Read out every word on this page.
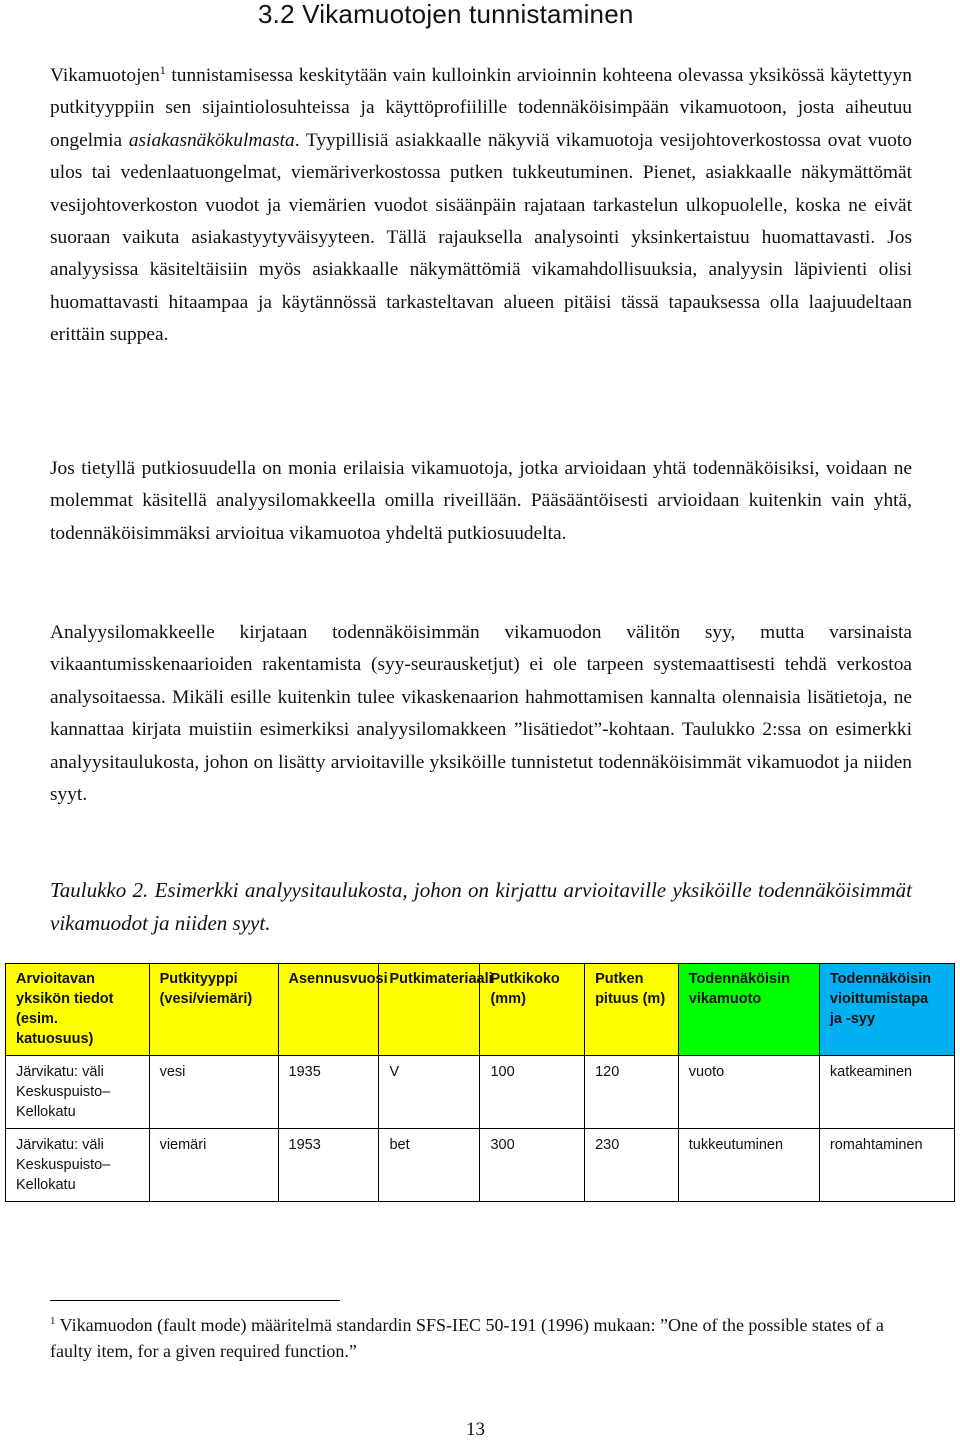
3.2 Vikamuotojen tunnistaminen

Vikamuotojen$^1$ tunnistamisessa keskitytään vain kulloinkin arvioinnin kohteena olevassa yksikössä käytettyyn putkityyppiin sen sijaintiolosuhteissa ja käyttöprofiilille todennäköisimpään vikamuotoon, josta aiheutuu ongelmia asiakasnäkökulmasta. Tyypillisiä asiakkaalle näkyviä vikamuotoja vesijohtoverkostossa ovat vuoto ulos tai vedenlaatuongelmat, viemäriverkostossa putken tukkeutuminen. Pienet, asiakkaalle näkymättömät vesijohtoverkoston vuodot ja viemärien vuodot sisäänpäin rajataan tarkastelun ulkopuolelle, koska ne eivät suoraan vaikuta asiakastyytyväisyyteen. Tällä rajauksella analysointi yksinkertaistuu huomattavasti. Jos analyysissa käsiteltäisiin myös asiakkaalle näkymättömiä vikamahdollisuuksia, analyysin läpivienti olisi huomattavasti hitaampaa ja käytännössä tarkasteltavan alueen pitäisi tässä tapauksessa olla laajuudeltaan erittäin suppea.

Jos tietyllä putkiosuudella on monia erilaisia vikamuotoja, jotka arvioidaan yhtä todennäköisiksi, voidaan ne molemmat käsitellä analyysilomakkeella omilla riveillään. Pääsääntöisesti arvioidaan kuitenkin vain yhtä, todennäköisimmäksi arvioitua vikamuotoa yhdeltä putkiosuudelta.

Analyysilomakkeelle kirjataan todennäköisimmän vikamuodon välitön syy, mutta varsinaista vikaantumisskenaarioiden rakentamista (syy-seurausketjut) ei ole tarpeen systemaattisesti tehdä verkostoa analysoitaessa. Mikäli esille kuitenkin tulee vikaskenaarion hahmottamisen kannalta olennaisia lisätietoja, ne kannattaa kirjata muistiin esimerkiksi analyysilomakkeen ”lisätiedot”-kohtaan. Taulukko 2:ssa on esimerkki analyysitaulukosta, johon on lisätty arvioitaville yksiköille tunnistetut todennäköisimmät vikamuodot ja niiden syyt.

Taulukko 2. Esimerkki analyysitaulukosta, johon on kirjattu arvioitaville yksiköille todennäköisimmät vikamuodot ja niiden syyt.

Arvioitavan yksikön tiedot (esim. katuosuus)	Putkityyppi (vesi/viemäri)	Asennusvuosi	Putkimateriaali	Putkikoko (mm)	Putken pituus (m)	Todennäköisin vikamuoto	Todennäköisin vioittumistapa ja -syy
Järvikatu: väli Keskuspuisto–Kellokatu	vesi	1935	V	100	120	vuoto	katkeaminen
Järvikatu: väli Keskuspuisto–Kellokatu	viemäri	1953	bet	300	230	tukkeutuminen	romahtaminen

$^1$ Vikamuodon (fault mode) määritelmä standardin SFS-IEC 50-191 (1996) mukaan: ”One of the possible states of a faulty item, for a given required function.”

13
